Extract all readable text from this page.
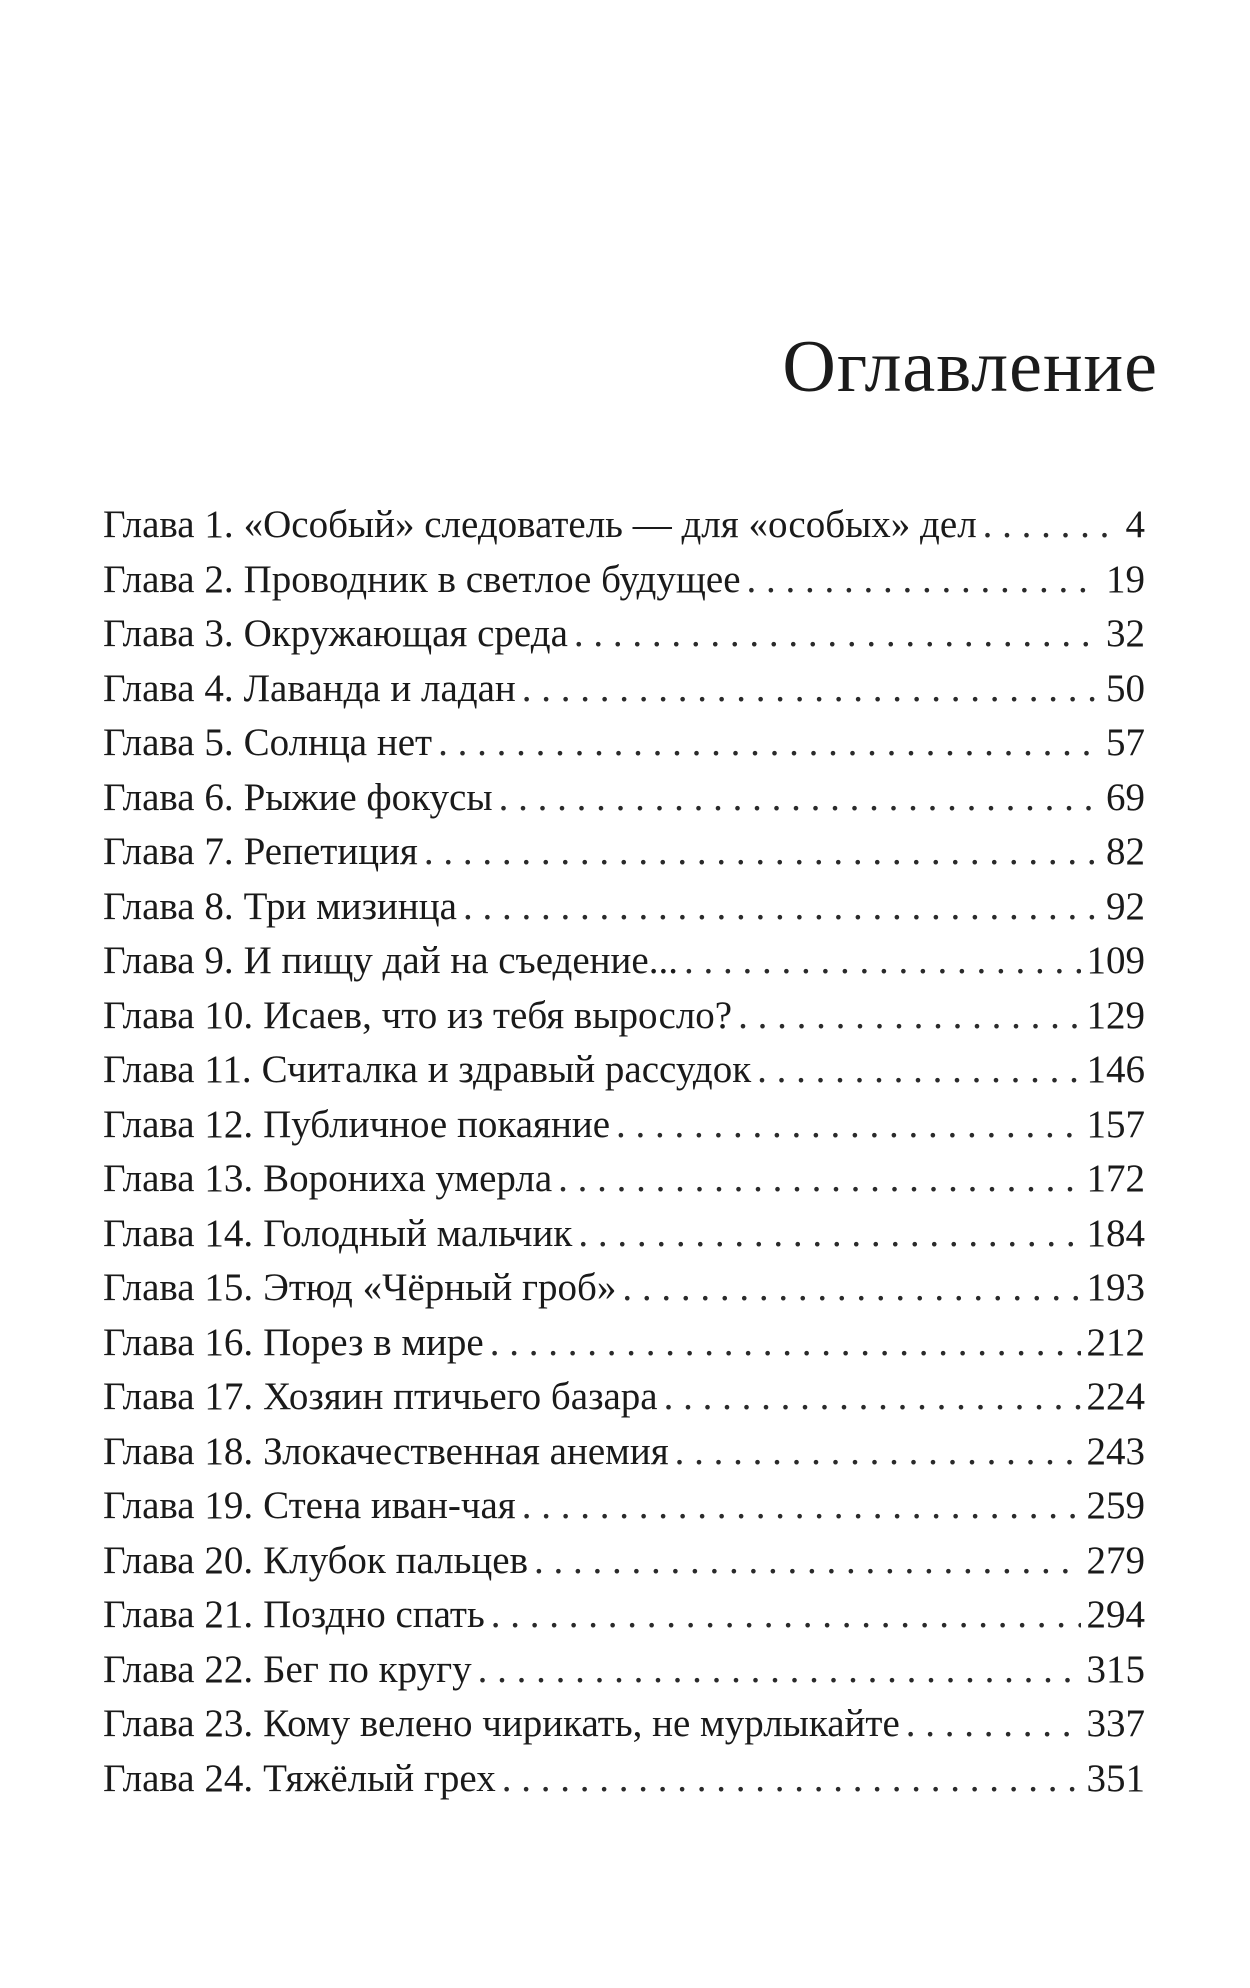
Оглавление
Глава 1. «Особый» следователь — для «особых» дел . . .	4
Глава 2. Проводник в светлое будущее . . .	19
Глава 3. Окружающая среда . . .	32
Глава 4. Лаванда и ладан . . .	50
Глава 5. Солнца нет . . .	57
Глава 6. Рыжие фокусы . . .	69
Глава 7. Репетиция . . .	82
Глава 8. Три мизинца . . .	92
Глава 9. И пищу дай на съедение... . . .	109
Глава 10. Исаев, что из тебя выросло? . . .	129
Глава 11. Считалка и здравый рассудок . . .	146
Глава 12. Публичное покаяние . . .	157
Глава 13. Ворониха умерла . . .	172
Глава 14. Голодный мальчик . . .	184
Глава 15. Этюд «Чёрный гроб» . . .	193
Глава 16. Порез в мире . . .	212
Глава 17. Хозяин птичьего базара . . .	224
Глава 18. Злокачественная анемия . . .	243
Глава 19. Стена иван-чая . . .	259
Глава 20. Клубок пальцев . . .	279
Глава 21. Поздно спать . . .	294
Глава 22. Бег по кругу . . .	315
Глава 23. Кому велено чирикать, не мурлыкайте . . .	337
Глава 24. Тяжёлый грех . . .	351
